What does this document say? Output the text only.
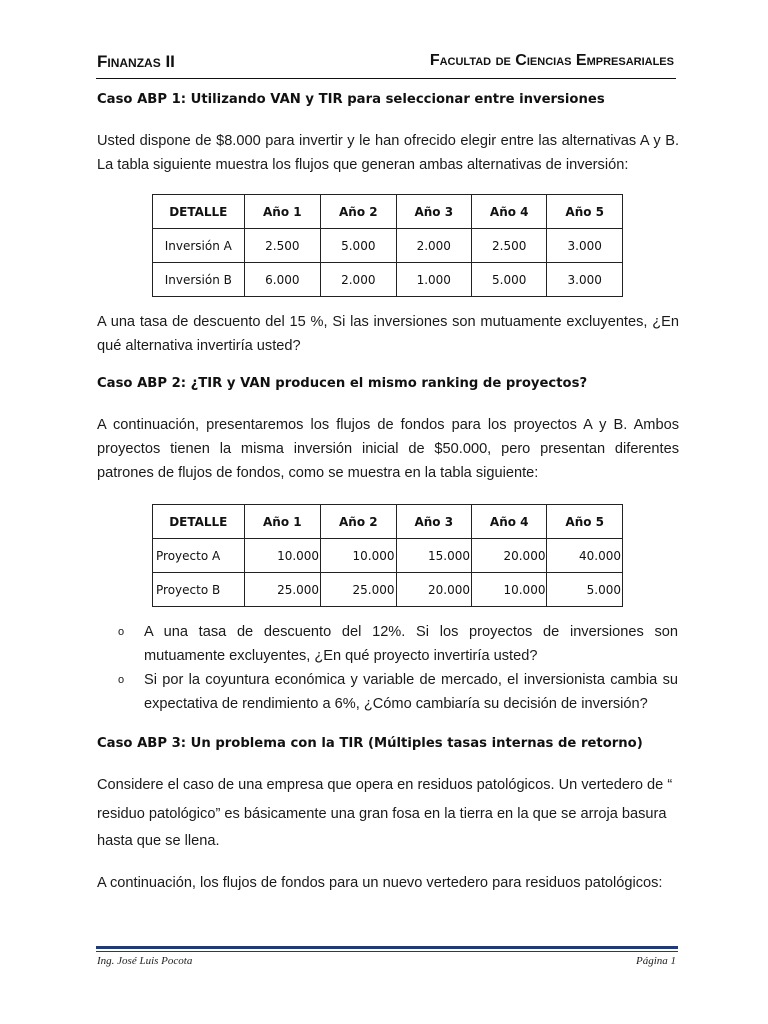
Finanzas II	Facultad de Ciencias Empresariales
Caso ABP 1: Utilizando VAN y TIR para seleccionar entre inversiones

Usted dispone de $8.000 para invertir y le han ofrecido elegir entre las alternativas A y B. La tabla siguiente muestra los flujos que generan ambas alternativas de inversión:

DETALLE	Año 1	Año 2	Año 3	Año 4	Año 5
Inversión A	2.500	5.000	2.000	2.500	3.000
Inversión B	6.000	2.000	1.000	5.000	3.000

A una tasa de descuento del 15 %, Si las inversiones son mutuamente excluyentes, ¿En qué alternativa invertiría usted?

Caso ABP 2: ¿TIR y VAN producen el mismo ranking de proyectos?

A continuación, presentaremos los flujos de fondos para los proyectos A y B. Ambos proyectos tienen la misma inversión inicial de $50.000, pero presentan diferentes patrones de flujos de fondos, como se muestra en la tabla siguiente:

DETALLE	Año 1	Año 2	Año 3	Año 4	Año 5
Proyecto A	10.000	10.000	15.000	20.000	40.000
Proyecto B	25.000	25.000	20.000	10.000	5.000
o A una tasa de descuento del 12%. Si los proyectos de inversiones son mutuamente excluyentes, ¿En qué proyecto invertiría usted?
o Si por la coyuntura económica y variable de mercado, el inversionista cambia su expectativa de rendimiento a 6%, ¿Cómo cambiaría su decisión de inversión?
Caso ABP 3: Un problema con la TIR (Múltiples tasas internas de retorno)

Considere el caso de una empresa que opera en residuos patológicos. Un vertedero de “

residuo patológico” es básicamente una gran fosa en la tierra en la que se arroja basura

hasta que se llena.

A continuación, los flujos de fondos para un nuevo vertedero para residuos patológicos:

Ing. José Luis Pocota	Página 1
